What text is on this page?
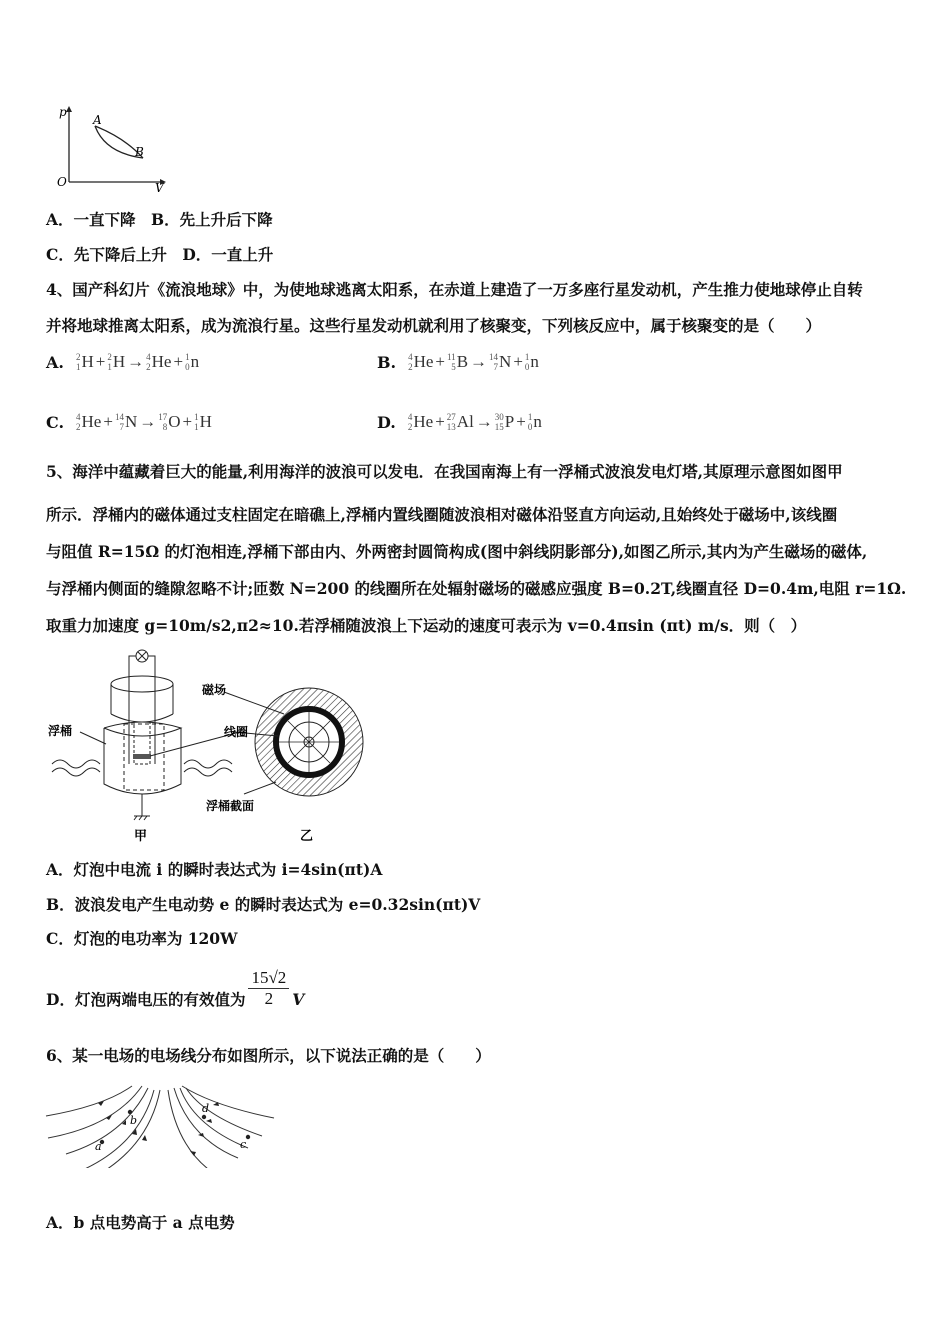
p
A
B
O	V
A．一直下降　B．先上升后下降
C．先下降后上升　D．一直上升
4、国产科幻片《流浪地球》中，为使地球逃离太阳系，在赤道上建造了一万多座行星发动机，产生推力使地球停止自转
并将地球推离太阳系，成为流浪行星。这些行星发动机就利用了核聚变，下列核反应中，属于核聚变的是（　　）
A. 2
1 H + 2
1 H → 4
2 He + 1
0 n	B. 4
2 He + 11
5 B → 14
7 N + 1
0 n
C. 4
2 He + 14
7 N → 17
8 O + 1
1 H	D. 4
2 He + 27
13 Al → 30
15 P + 1
0 n
5、海洋中蕴藏着巨大的能量,利用海洋的波浪可以发电．在我国南海上有一浮桶式波浪发电灯塔,其原理示意图如图甲
所示．浮桶内的磁体通过支柱固定在暗礁上,浮桶内置线圈随波浪相对磁体沿竖直方向运动,且始终处于磁场中,该线圈
与阻值 R=15Ω 的灯泡相连,浮桶下部由内、外两密封圆筒构成(图中斜线阴影部分),如图乙所示,其内为产生磁场的磁体,
与浮桶内侧面的缝隙忽略不计;匝数 N=200 的线圈所在处辐射磁场的磁感应强度 B=0.2T,线圈直径 D=0.4m,电阻 r=1Ω.
取重力加速度 g=10m/s2,π2≈10.若浮桶随波浪上下运动的速度可表示为 v=0.4πsin (πt) m/s．则（　）
浮桶	线圈
磁场
浮桶截面
甲	乙
A．灯泡中电流 i 的瞬时表达式为 i=4sin(πt)A
B．波浪发电产生电动势 e 的瞬时表达式为 e=0.32sin(πt)V
C．灯泡的电功率为 120W
D．灯泡两端电压的有效值为 $\frac{15√2}{2}$ V
6、某一电场的电场线分布如图所示，以下说法正确的是（　　）
a
b
c
d
A．b 点电势高于 a 点电势
